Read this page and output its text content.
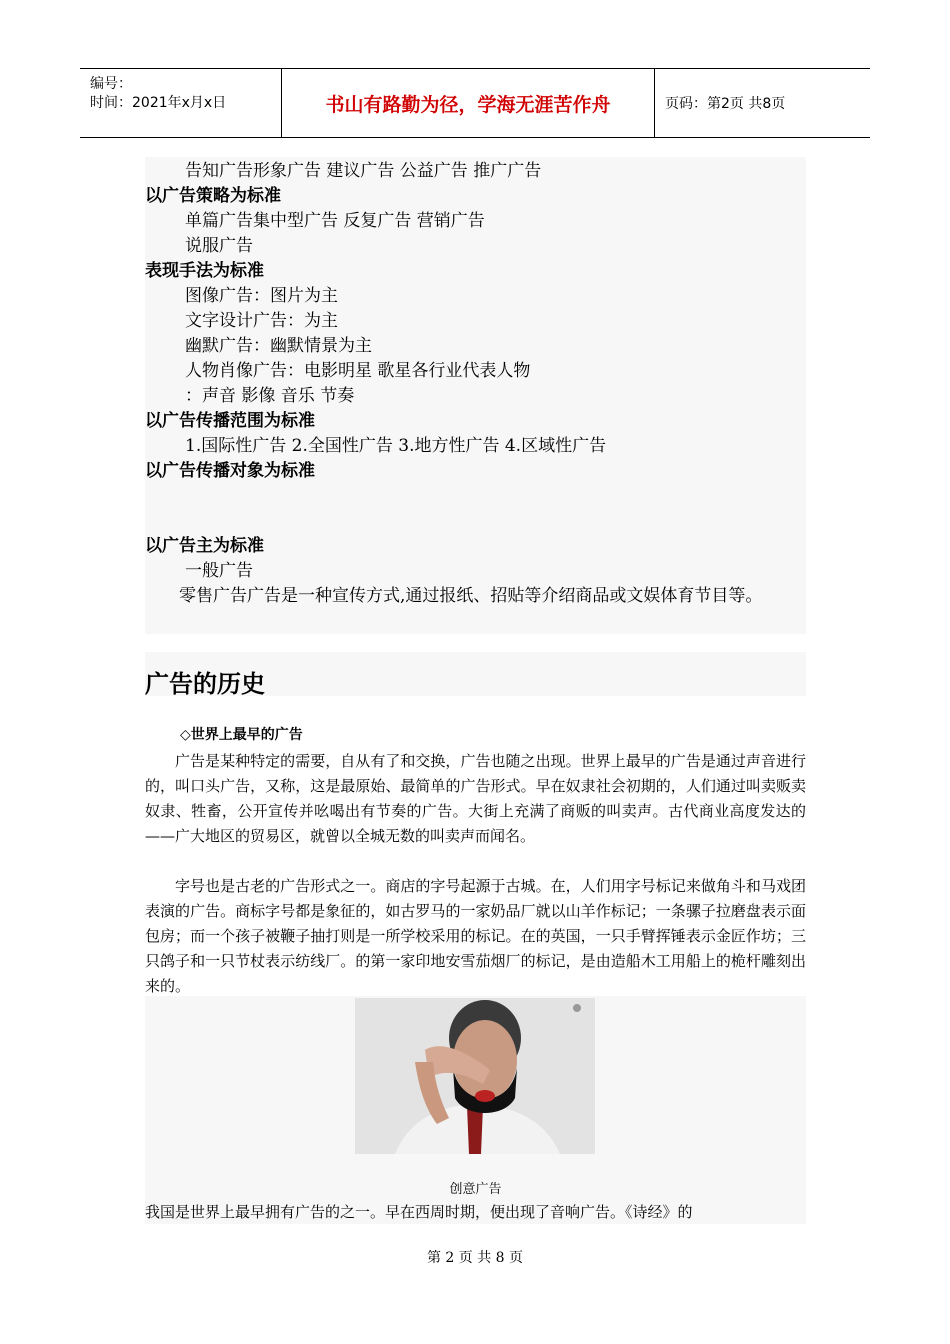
编号：
时间：2021年x月x日	书山有路勤为径，学海无涯苦作舟	页码：第2页 共8页
告知广告形象广告 建议广告 公益广告 推广广告
以广告策略为标准
单篇广告集中型广告 反复广告 营销广告
说服广告
表现手法为标准
图像广告：图片为主
文字设计广告：为主
幽默广告：幽默情景为主
人物肖像广告：电影明星 歌星各行业代表人物
：声音 影像 音乐 节奏
以广告传播范围为标准
1.国际性广告 2.全国性广告 3.地方性广告 4.区域性广告
以广告传播对象为标准
以广告主为标准
一般广告
　　零售广告广告是一种宣传方式,通过报纸、招贴等介绍商品或文娱体育节目等。
广告的历史
◇世界上最早的广告
广告是某种特定的需要，自从有了和交换，广告也随之出现。世界上最早的广告是通过声音进行的，叫口头广告，又称，这是最原始、最简单的广告形式。早在奴隶社会初期的，人们通过叫卖贩卖奴隶、牲畜，公开宣传并吆喝出有节奏的广告。大街上充满了商贩的叫卖声。古代商业高度发达的——广大地区的贸易区，就曾以全城无数的叫卖声而闻名。
字号也是古老的广告形式之一。商店的字号起源于古城。在，人们用字号标记来做角斗和马戏团表演的广告。商标字号都是象征的，如古罗马的一家奶品厂就以山羊作标记；一条骡子拉磨盘表示面包房；而一个孩子被鞭子抽打则是一所学校采用的标记。在的英国，一只手臂挥锤表示金匠作坊；三只鸽子和一只节杖表示纺线厂。的第一家印地安雪茄烟厂的标记，是由造船木工用船上的桅杆雕刻出来的。
创意广告
我国是世界上最早拥有广告的之一。早在西周时期，便出现了音响广告。《诗经》的
第 2 页 共 8 页
